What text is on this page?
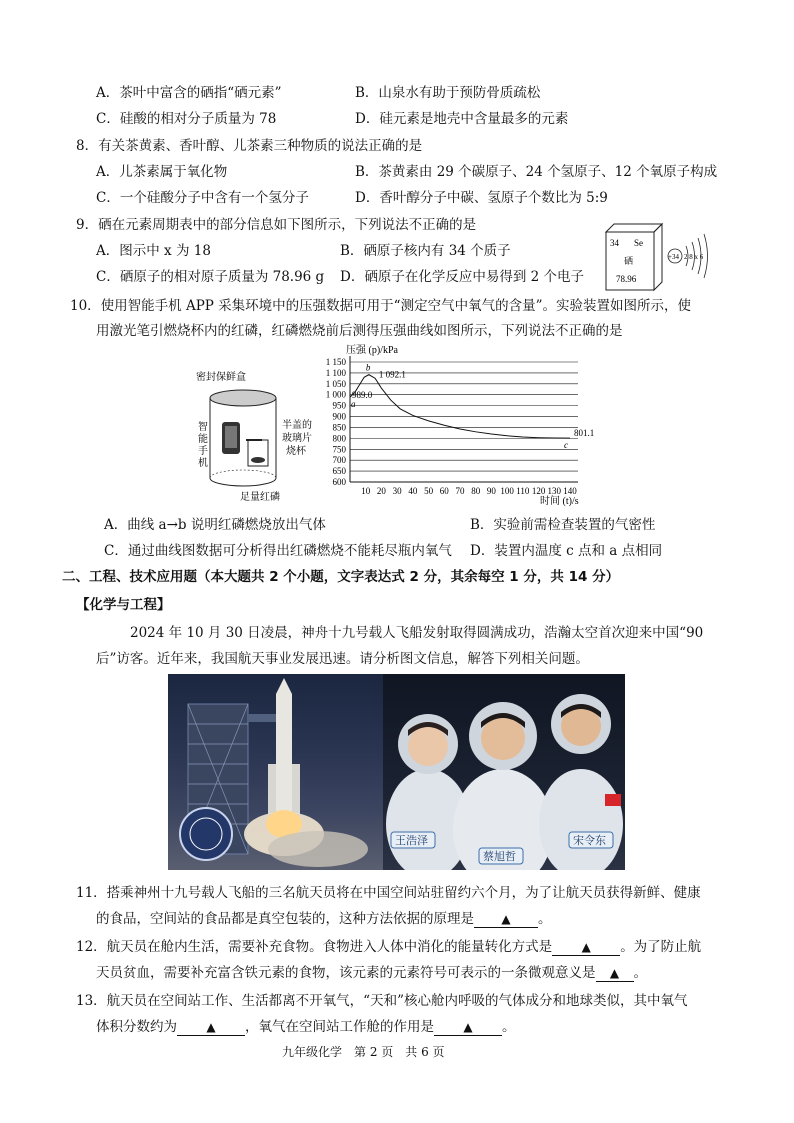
A．茶叶中富含的硒指“硒元素”	B．山泉水有助于预防骨质疏松
C．硅酸的相对分子质量为 78	D．硅元素是地壳中含量最多的元素
8．有关茶黄素、香叶醇、儿茶素三种物质的说法正确的是
A．儿茶素属于氧化物	B．茶黄素由 29 个碳原子、24 个氢原子、12 个氧原子构成
C．一个硅酸分子中含有一个氢分子	D．香叶醇分子中碳、氢原子个数比为 5:9
9．硒在元素周期表中的部分信息如下图所示，下列说法不正确的是
A．图示中 x 为 18	B．硒原子核内有 34 个质子
C．硒原子的相对原子质量为 78.96 g D．硒原子在化学反应中易得到 2 个电子
34 Se
硒
78.96
+34 2 8 x 6
10．使用智能手机 APP 采集环境中的压强数据可用于“测定空气中氧气的含量”。实验装置如图所示，使
用激光笔引燃烧杯内的红磷，红磷燃烧前后测得压强曲线如图所示，下列说法不正确的是
密封保鲜盒
智能手机
半盖的
玻璃片
烧杯
足量红磷
压强 (p)/kPa
时间 (t)/s
600
650
700
750
800
850
900
950
1 000
1 050
1 100
1 150
10 20 30 40 50 60 70 80 90 100 110 120 130 140
a
989.0
b
1 092.1
c
801.1
A．曲线 a→b 说明红磷燃烧放出气体	B．实验前需检查装置的气密性
C．通过曲线图数据可分析得出红磷燃烧不能耗尽瓶内氧气 D．装置内温度 c 点和 a 点相同
二、工程、技术应用题（本大题共 2 个小题，文字表达式 2 分，其余每空 1 分，共 14 分）
【化学与工程】
2024 年 10 月 30 日凌晨，神舟十九号载人飞船发射取得圆满成功，浩瀚太空首次迎来中国“90
后”访客。近年来，我国航天事业发展迅速。请分析图文信息，解答下列相关问题。
王浩泽
蔡旭哲
宋令东
11．搭乘神州十九号载人飞船的三名航天员将在中国空间站驻留约六个月，为了让航天员获得新鲜、健康
的食品，空间站的食品都是真空包装的，这种方法依据的原理是 ▲ 。
12．航天员在舱内生活，需要补充食物。食物进入人体中消化的能量转化方式是 ▲ 。为了防止航
天员贫血，需要补充富含铁元素的食物，该元素的元素符号可表示的一条微观意义是 ▲ 。
13．航天员在空间站工作、生活都离不开氧气，“天和”核心舱内呼吸的气体成分和地球类似，其中氧气
体积分数约为 ▲ ，氧气在空间站工作舱的作用是 ▲ 。
九年级化学　第 2 页　共 6 页
